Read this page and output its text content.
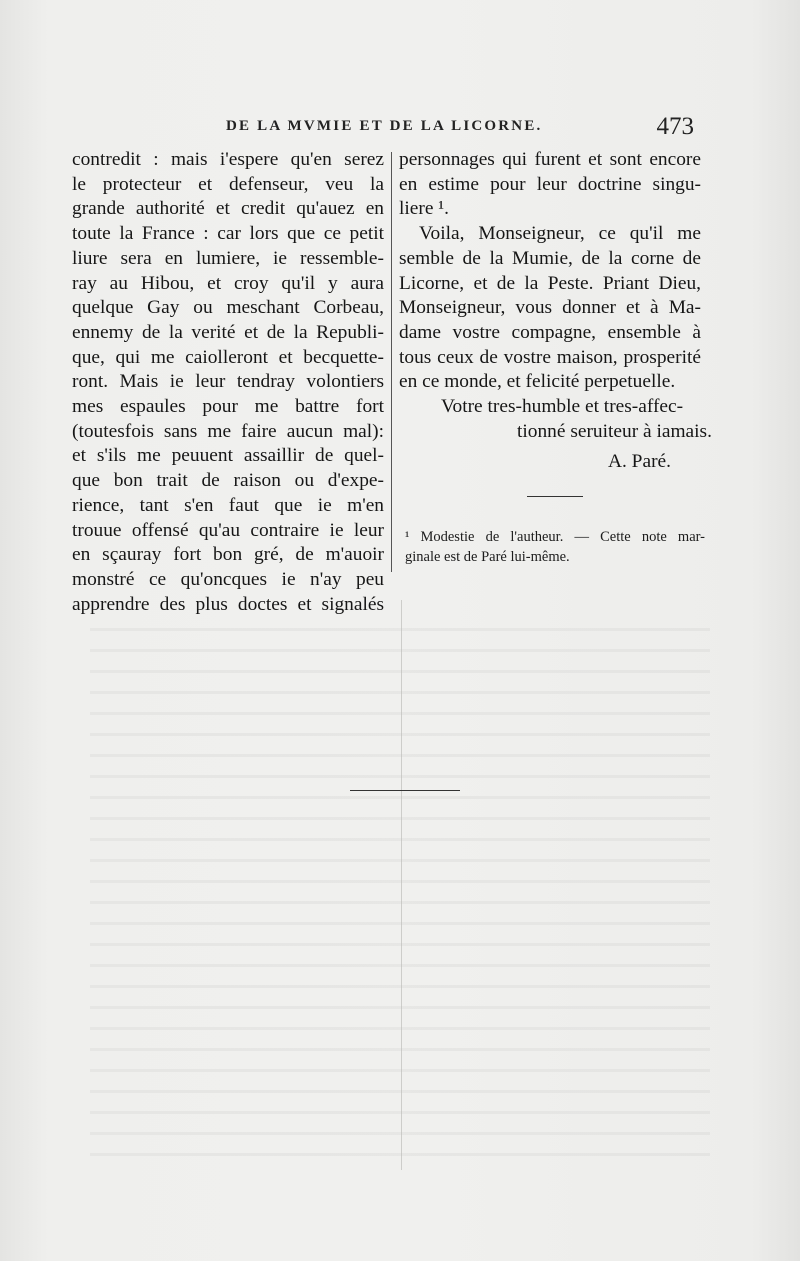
DE LA MVMIE ET DE LA LICORNE.	473
contredit : mais i'espere qu'en serez
le protecteur et defenseur, veu la
grande authorité et credit qu'auez en
toute la France : car lors que ce petit
liure sera en lumiere, ie ressemble-
ray au Hibou, et croy qu'il y aura
quelque Gay ou meschant Corbeau,
ennemy de la verité et de la Republi-
que, qui me caiolleront et becquette-
ront. Mais ie leur tendray volontiers
mes espaules pour me battre fort
(toutesfois sans me faire aucun mal):
et s'ils me peuuent assaillir de quel-
que bon trait de raison ou d'expe-
rience, tant s'en faut que ie m'en
trouue offensé qu'au contraire ie leur
en sçauray fort bon gré, de m'auoir
monstré ce qu'oncques ie n'ay peu
apprendre des plus doctes et signalés
personnages qui furent et sont encore
en estime pour leur doctrine singu-
liere ¹.
Voila, Monseigneur, ce qu'il me
semble de la Mumie, de la corne de
Licorne, et de la Peste. Priant Dieu,
Monseigneur, vous donner et à Ma-
dame vostre compagne, ensemble à
tous ceux de vostre maison, prosperité
en ce monde, et felicité perpetuelle.
Votre tres-humble et tres-affec-
tionné seruiteur à iamais.
A. Paré.
¹ Modestie de l'autheur. — Cette note mar-
ginale est de Paré lui-même.
